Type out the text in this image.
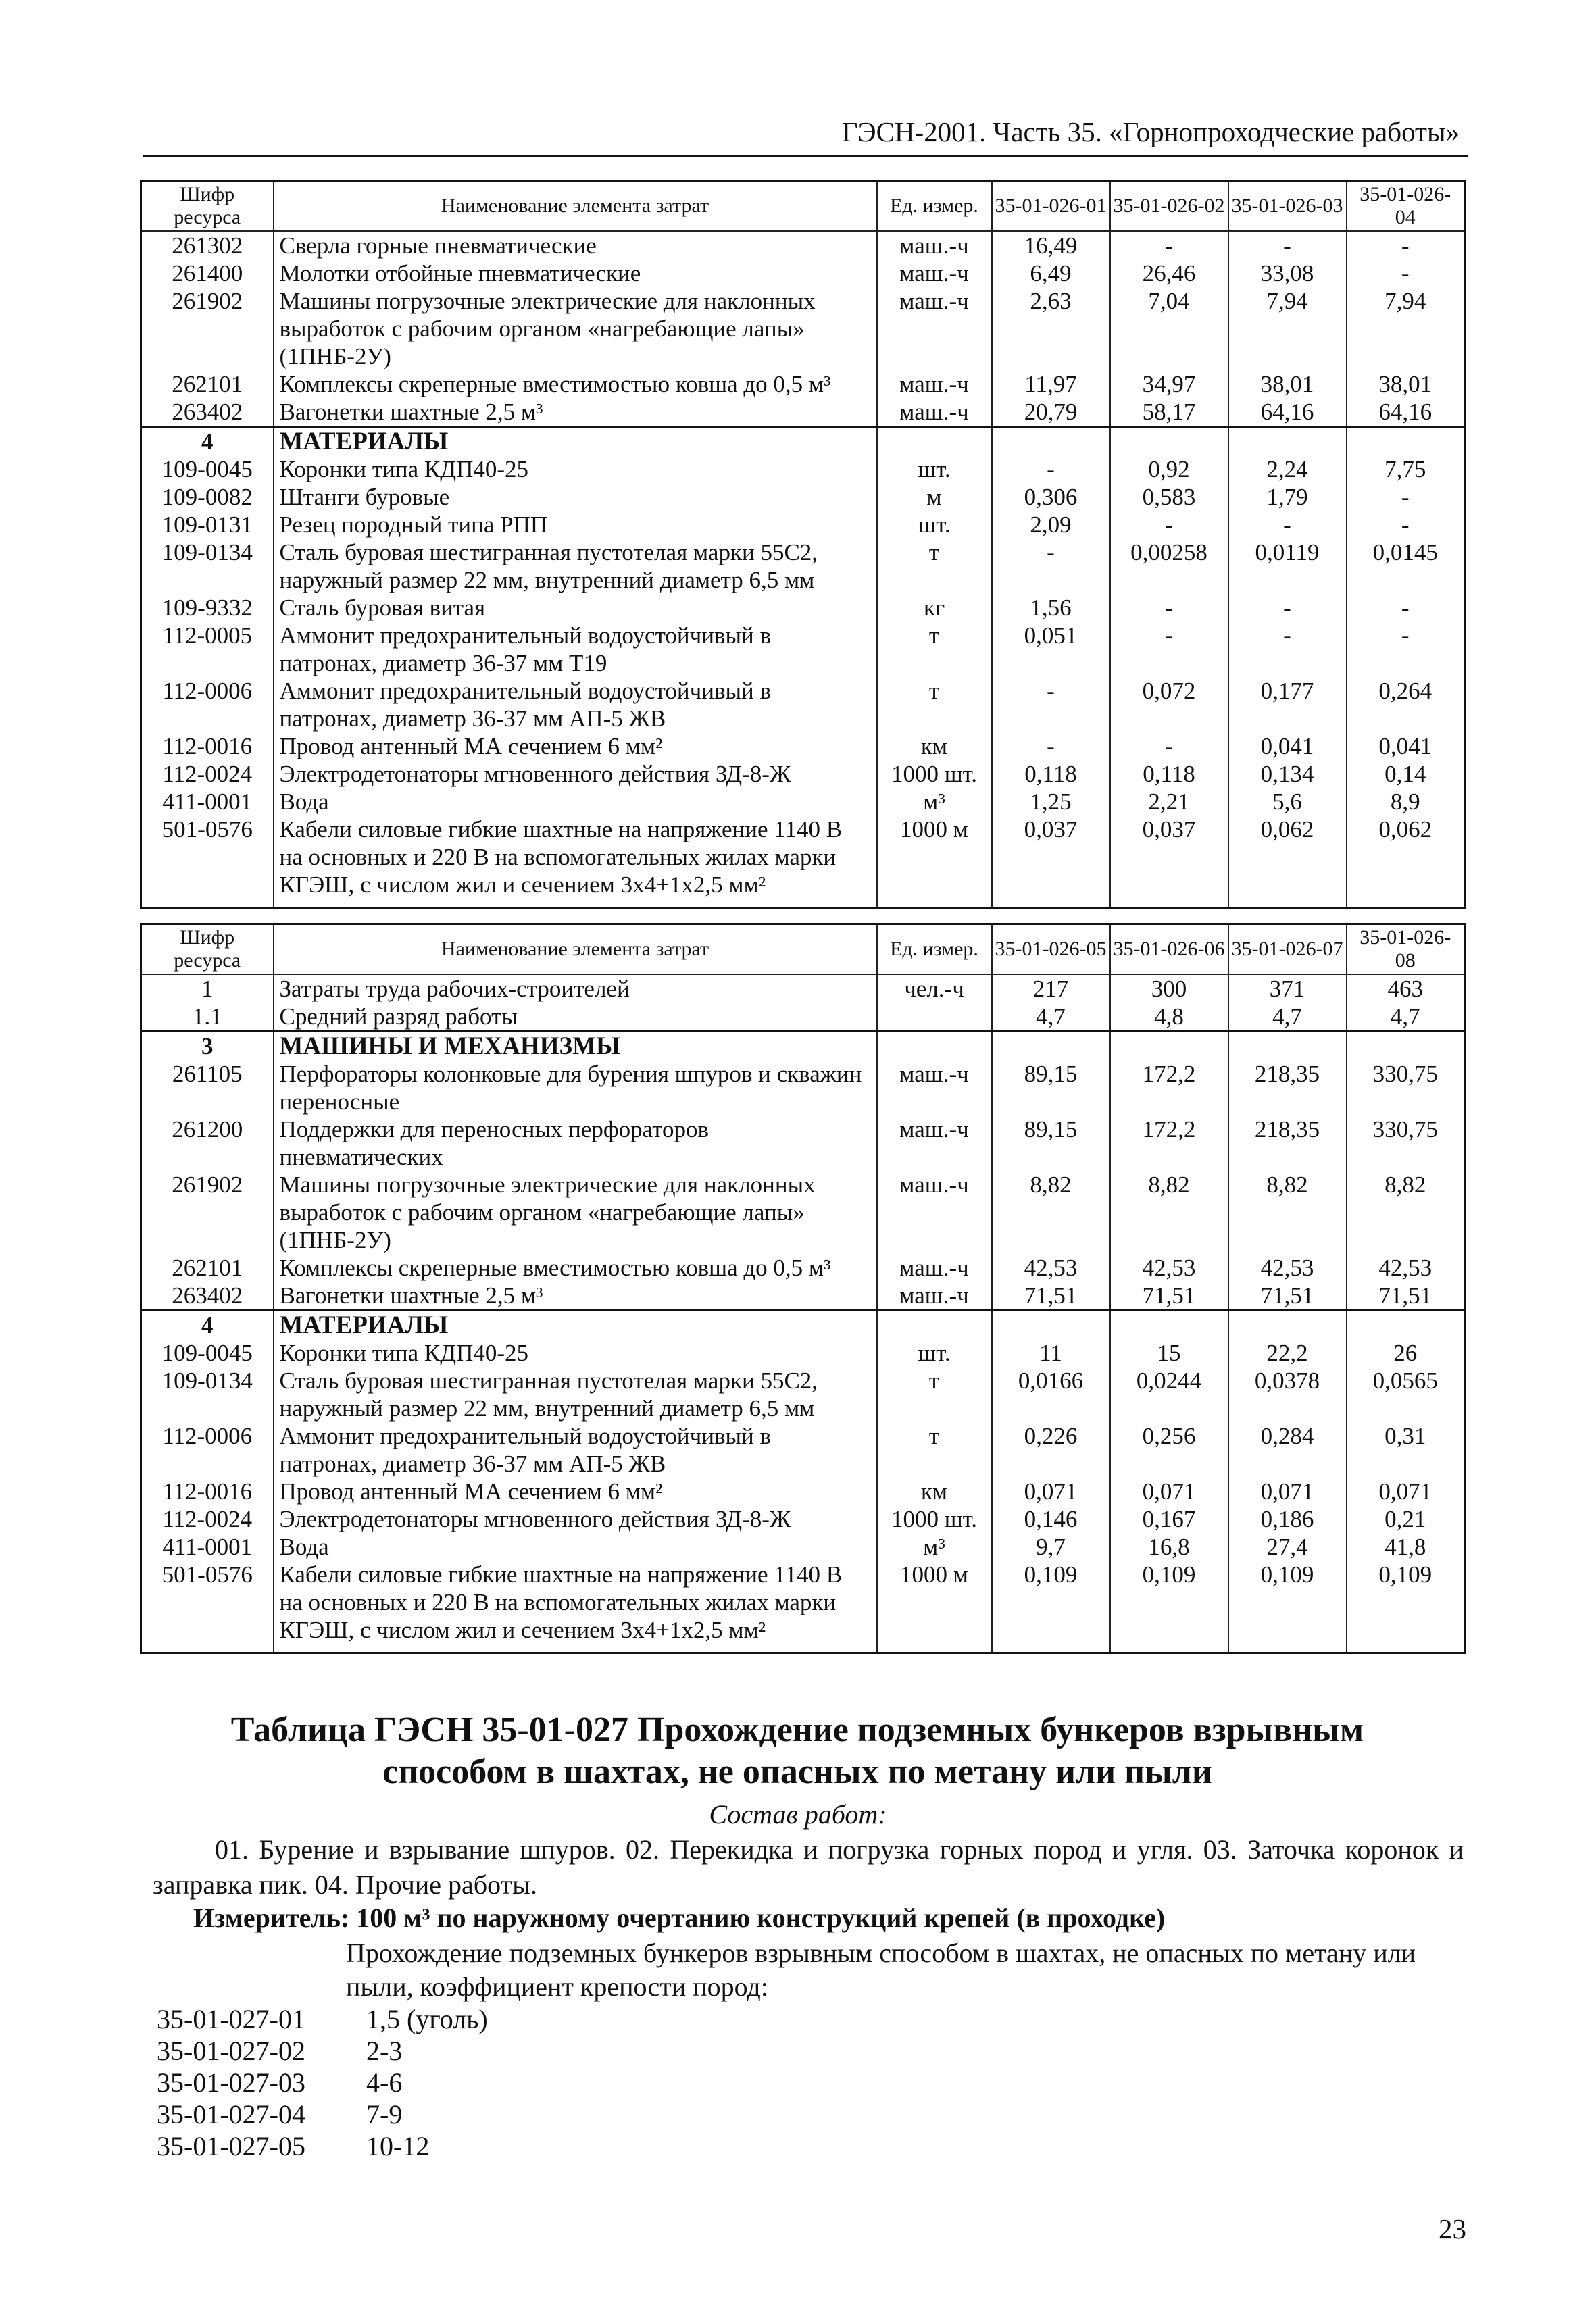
ГЭСН-2001. Часть 35. «Горнопроходческие работы»
Шифр ресурса	Наименование элемента затрат	Ед. измер.	35-01-026-01	35-01-026-02	35-01-026-03	35-01-026-04
261302	Сверла горные пневматические	маш.-ч	16,49	-	-	-
261400	Молотки отбойные пневматические	маш.-ч	6,49	26,46	33,08	-
261902	Машины погрузочные электрические для наклонных выработок с рабочим органом «нагребающие лапы» (1ПНБ-2У)	маш.-ч	2,63	7,04	7,94	7,94
262101	Комплексы скреперные вместимостью ковша до 0,5 м³	маш.-ч	11,97	34,97	38,01	38,01
263402	Вагонетки шахтные 2,5 м³	маш.-ч	20,79	58,17	64,16	64,16
4	МАТЕРИАЛЫ					
109-0045	Коронки типа КДП40-25	шт.	-	0,92	2,24	7,75
109-0082	Штанги буровые	м	0,306	0,583	1,79	-
109-0131	Резец породный типа РПП	шт.	2,09	-	-	-
109-0134	Сталь буровая шестигранная пустотелая марки 55С2, наружный размер 22 мм, внутренний диаметр 6,5 мм	т	-	0,00258	0,0119	0,0145
109-9332	Сталь буровая витая	кг	1,56	-	-	-
112-0005	Аммонит предохранительный водоустойчивый в патронах, диаметр 36-37 мм Т19	т	0,051	-	-	-
112-0006	Аммонит предохранительный водоустойчивый в патронах, диаметр 36-37 мм АП-5 ЖВ	т	-	0,072	0,177	0,264
112-0016	Провод антенный МА сечением 6 мм²	км	-	-	0,041	0,041
112-0024	Электродетонаторы мгновенного действия ЗД-8-Ж	1000 шт.	0,118	0,118	0,134	0,14
411-0001	Вода	м³	1,25	2,21	5,6	8,9
501-0576	Кабели силовые гибкие шахтные на напряжение 1140 В на основных и 220 В на вспомогательных жилах марки КГЭШ, с числом жил и сечением 3х4+1х2,5 мм²	1000 м	0,037	0,037	0,062	0,062

Шифр ресурса	Наименование элемента затрат	Ед. измер.	35-01-026-05	35-01-026-06	35-01-026-07	35-01-026-08
1	Затраты труда рабочих-строителей	чел.-ч	217	300	371	463
1.1	Средний разряд работы		4,7	4,8	4,7	4,7
3	МАШИНЫ И МЕХАНИЗМЫ					
261105	Перфораторы колонковые для бурения шпуров и скважин переносные	маш.-ч	89,15	172,2	218,35	330,75
261200	Поддержки для переносных перфораторов пневматических	маш.-ч	89,15	172,2	218,35	330,75
261902	Машины погрузочные электрические для наклонных выработок с рабочим органом «нагребающие лапы» (1ПНБ-2У)	маш.-ч	8,82	8,82	8,82	8,82
262101	Комплексы скреперные вместимостью ковша до 0,5 м³	маш.-ч	42,53	42,53	42,53	42,53
263402	Вагонетки шахтные 2,5 м³	маш.-ч	71,51	71,51	71,51	71,51
4	МАТЕРИАЛЫ					
109-0045	Коронки типа КДП40-25	шт.	11	15	22,2	26
109-0134	Сталь буровая шестигранная пустотелая марки 55С2, наружный размер 22 мм, внутренний диаметр 6,5 мм	т	0,0166	0,0244	0,0378	0,0565
112-0006	Аммонит предохранительный водоустойчивый в патронах, диаметр 36-37 мм АП-5 ЖВ	т	0,226	0,256	0,284	0,31
112-0016	Провод антенный МА сечением 6 мм²	км	0,071	0,071	0,071	0,071
112-0024	Электродетонаторы мгновенного действия ЗД-8-Ж	1000 шт.	0,146	0,167	0,186	0,21
411-0001	Вода	м³	9,7	16,8	27,4	41,8
501-0576	Кабели силовые гибкие шахтные на напряжение 1140 В на основных и 220 В на вспомогательных жилах марки КГЭШ, с числом жил и сечением 3х4+1х2,5 мм²	1000 м	0,109	0,109	0,109	0,109

Таблица ГЭСН 35-01-027 Прохождение подземных бункеров взрывным способом в шахтах, не опасных по метану или пыли
Состав работ:
01. Бурение и взрывание шпуров. 02. Перекидка и погрузка горных пород и угля. 03. Заточка коронок и заправка пик. 04. Прочие работы.
Измеритель: 100 м³ по наружному очертанию конструкций крепей (в проходке)
Прохождение подземных бункеров взрывным способом в шахтах, не опасных по метану или пыли, коэффициент крепости пород:
35-01-027-01	1,5 (уголь)
35-01-027-02	2-3
35-01-027-03	4-6
35-01-027-04	7-9
35-01-027-05	10-12
23
